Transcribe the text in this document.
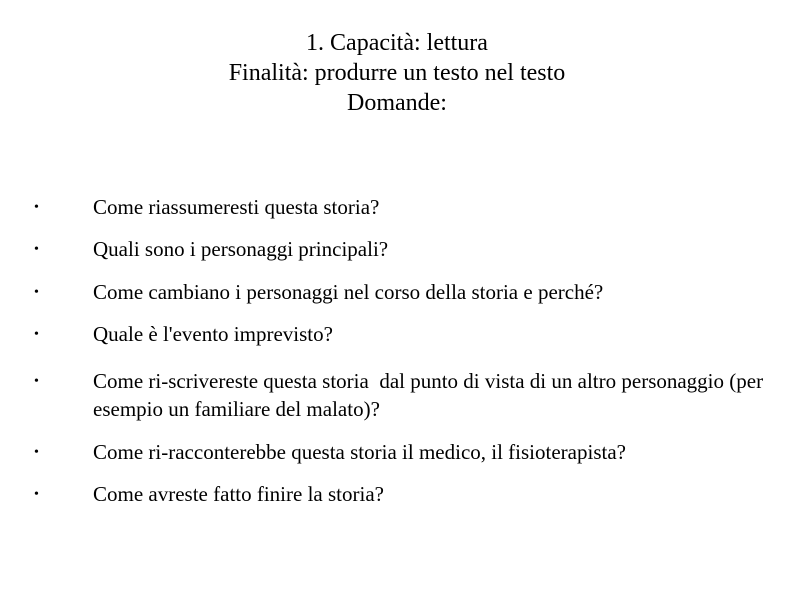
1. Capacità: lettura
Finalità: produrre un testo nel testo
Domande:
•	Come riassumeresti questa storia?
•	Quali sono i personaggi principali?
•	Come cambiano i personaggi nel corso della storia e perché?
•	Quale è l'evento imprevisto?
•	Come ri-scrivereste questa storia  dal punto di vista di un altro personaggio (per esempio un familiare del malato)?
•	Come ri-racconterebbe questa storia il medico, il fisioterapista?
•	Come avreste fatto finire la storia?
